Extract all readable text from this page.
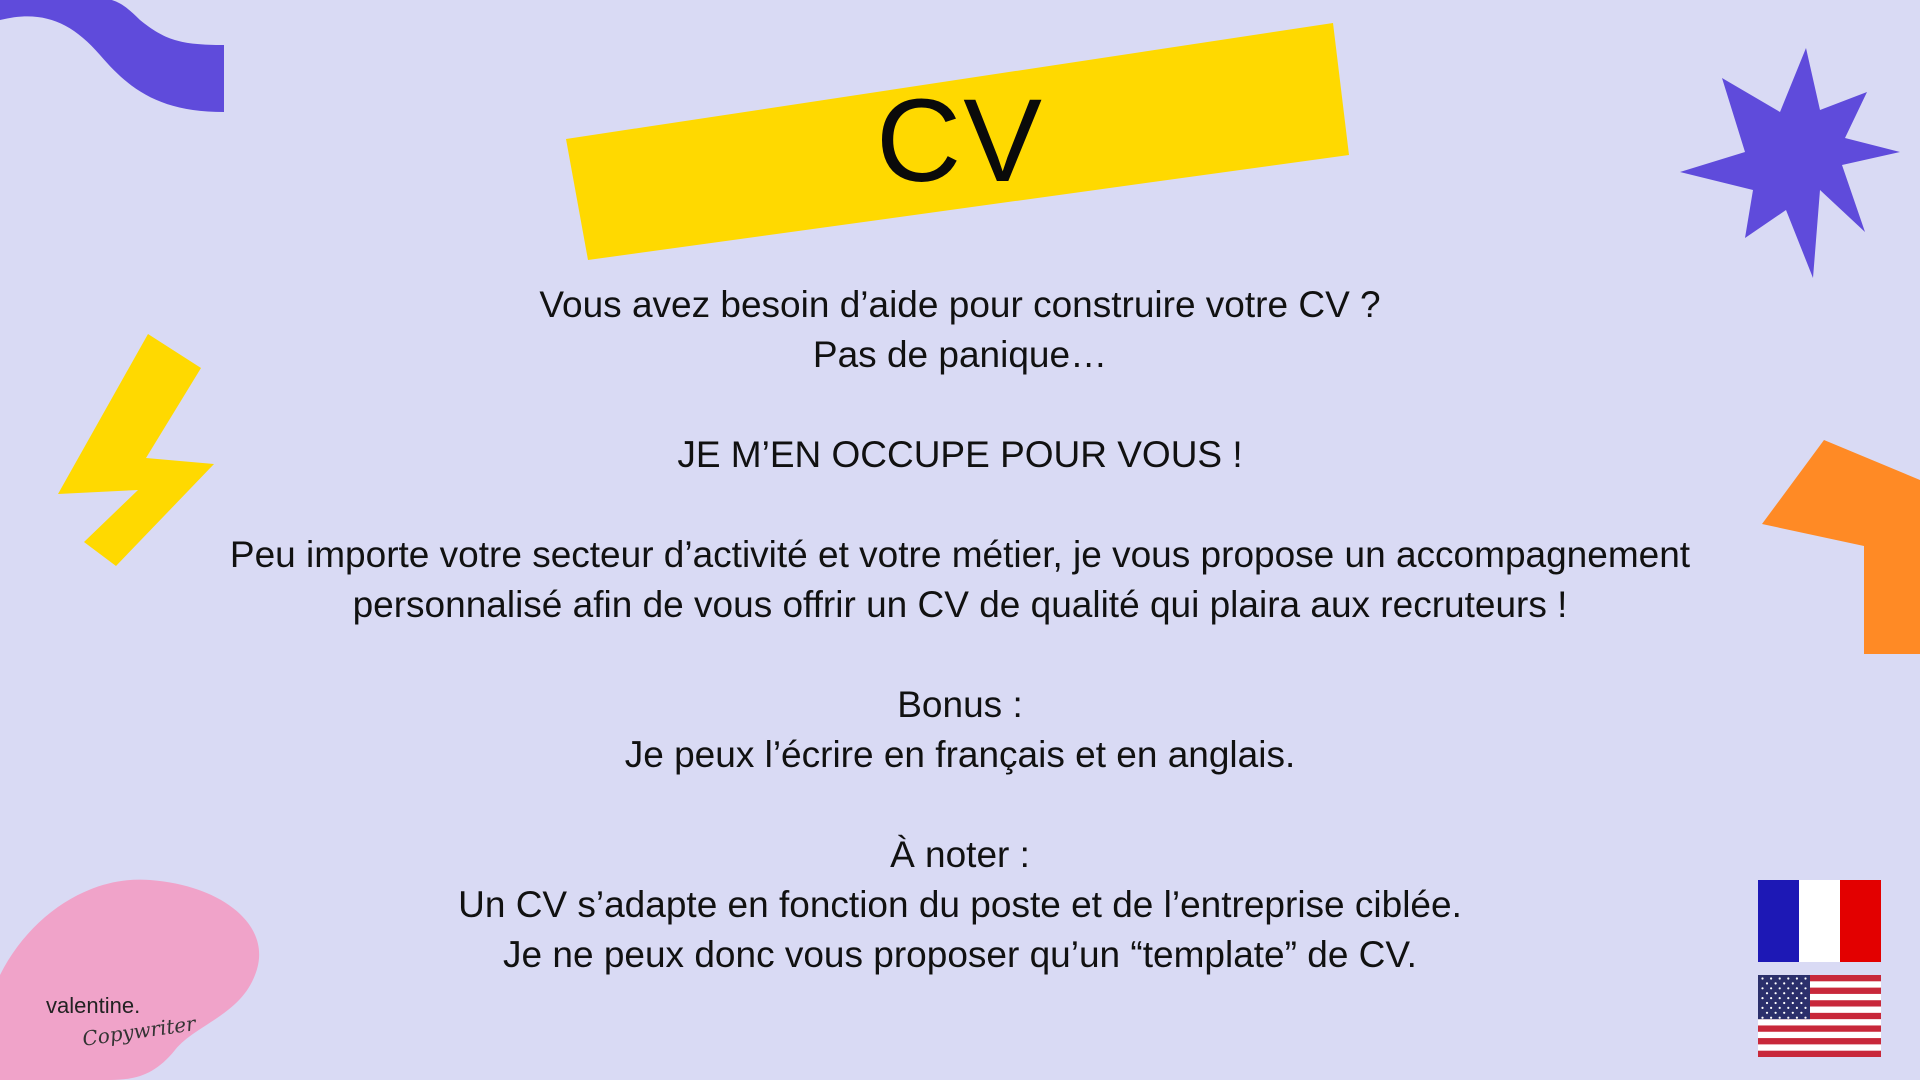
CV

Vous avez besoin d’aide pour construire votre CV ?

Pas de panique…

JE M’EN OCCUPE POUR VOUS !

Peu importe votre secteur d’activité et votre métier, je vous propose un accompagnement

personnalisé afin de vous offrir un CV de qualité qui plaira aux recruteurs !

Bonus :

Je peux l’écrire en français et en anglais.

À noter :

Un CV s’adapte en fonction du poste et de l’entreprise ciblée.

Je ne peux donc vous proposer qu’un “template” de CV.

valentine.
Copywriter
